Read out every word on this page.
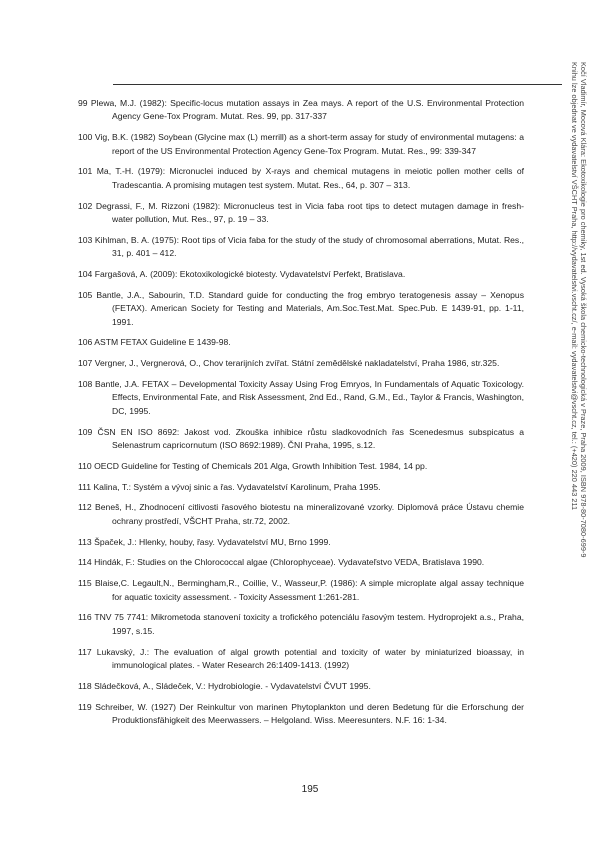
99 Plewa, M.J. (1982): Specific-locus mutation assays in Zea mays. A report of the U.S. Environmental Protection Agency Gene-Tox Program. Mutat. Res. 99, pp. 317-337

100 Vig, B.K. (1982) Soybean (Glycine max (L) merrill) as a short-term assay for study of environmental mutagens: a report of the US Environmental Protection Agency Gene-Tox Program. Mutat. Res., 99: 339-347

101 Ma, T.-H. (1979): Micronuclei induced by X-rays and chemical mutagens in meiotic pollen mother cells of Tradescantia. A promising mutagen test system. Mutat. Res., 64, p. 307 – 313.

102 Degrassi, F., M. Rizzoni (1982): Micronucleus test in Vicia faba root tips to detect mutagen damage in fresh-water pollution, Mut. Res., 97, p. 19 – 33.

103 Kihlman, B. A. (1975): Root tips of Vicia faba for the study of the study of chromosomal aberrations, Mutat. Res., 31, p. 401 – 412.

104 Fargašová, A. (2009): Ekotoxikologické biotesty. Vydavatelství Perfekt, Bratislava.

105 Bantle, J.A., Sabourin, T.D. Standard guide for conducting the frog embryo teratogenesis assay – Xenopus (FETAX). American Society for Testing and Materials, Am.Soc.Test.Mat. Spec.Pub. E 1439-91, pp. 1-11, 1991.

106 ASTM FETAX Guideline E 1439-98.

107 Vergner, J., Vergnerová, O., Chov terarijních zvířat. Státní zemědělské nakladatelství, Praha 1986, str.325.

108 Bantle, J.A. FETAX – Developmental Toxicity Assay Using Frog Emryos, In Fundamentals of Aquatic Toxicology. Effects, Environmental Fate, and Risk Assessment, 2nd Ed., Rand, G.M., Ed., Taylor & Francis, Washington, DC, 1995.

109 ČSN EN ISO 8692: Jakost vod. Zkouška inhibice růstu sladkovodních řas Scenedesmus subspicatus a Selenastrum capricornutum (ISO 8692:1989). ČNI Praha, 1995, s.12.

110 OECD Guideline for Testing of Chemicals 201 Alga, Growth Inhibition Test. 1984, 14 pp.

111 Kalina, T.: Systém a vývoj sinic a řas. Vydavatelství Karolinum, Praha 1995.

112 Beneš, H., Zhodnocení citlivosti řasového biotestu na mineralizované vzorky. Diplomová práce Ústavu chemie ochrany prostředí, VŠCHT Praha, str.72, 2002.

113 Špaček, J.: Hlenky, houby, řasy. Vydavatelství MU, Brno 1999.

114 Hindák, F.: Studies on the Chlorococcal algae (Chlorophyceae). Vydavateľstvo VEDA, Bratislava 1990.

115 Blaise,C. Legault,N., Bermingham,R., Coillie, V., Wasseur,P. (1986): A simple microplate algal assay technique for aquatic toxicity assessment. - Toxicity Assessment 1:261-281.

116 TNV 75 7741: Mikrometoda stanovení toxicity a trofického potenciálu řasovým testem. Hydroprojekt a.s., Praha, 1997, s.15.

117 Lukavský, J.: The evaluation of algal growth potential and toxicity of water by miniaturized bioassay, in immunological plates. - Water Research 26:1409-1413. (1992)

118 Sládečková, A., Sládeček, V.: Hydrobiologie. - Vydavatelství ČVUT 1995.

119 Schreiber, W. (1927) Der Reinkultur von marinen Phytoplankton und deren Bedetung für die Erforschung der Produktionsfähigkeit des Meerwassers. – Helgoland. Wiss. Meeresunters. N.F. 16: 1-34.

Kočí Vladimír, Mocová Klára: Ekotoxikologie pro chemiky, 1st ed. Vysoká škola chemicko-technologická v Praze, Praha 2009, ISBN 978-80-7080-699-9
Knihu lze objednat ve vydavatelství VŠCHT Praha, http://vydavatelstvi.vscht.cz/, e-mail: vydavatelstvi@vscht.cz, tel.: (+420) 220 443 211
195
